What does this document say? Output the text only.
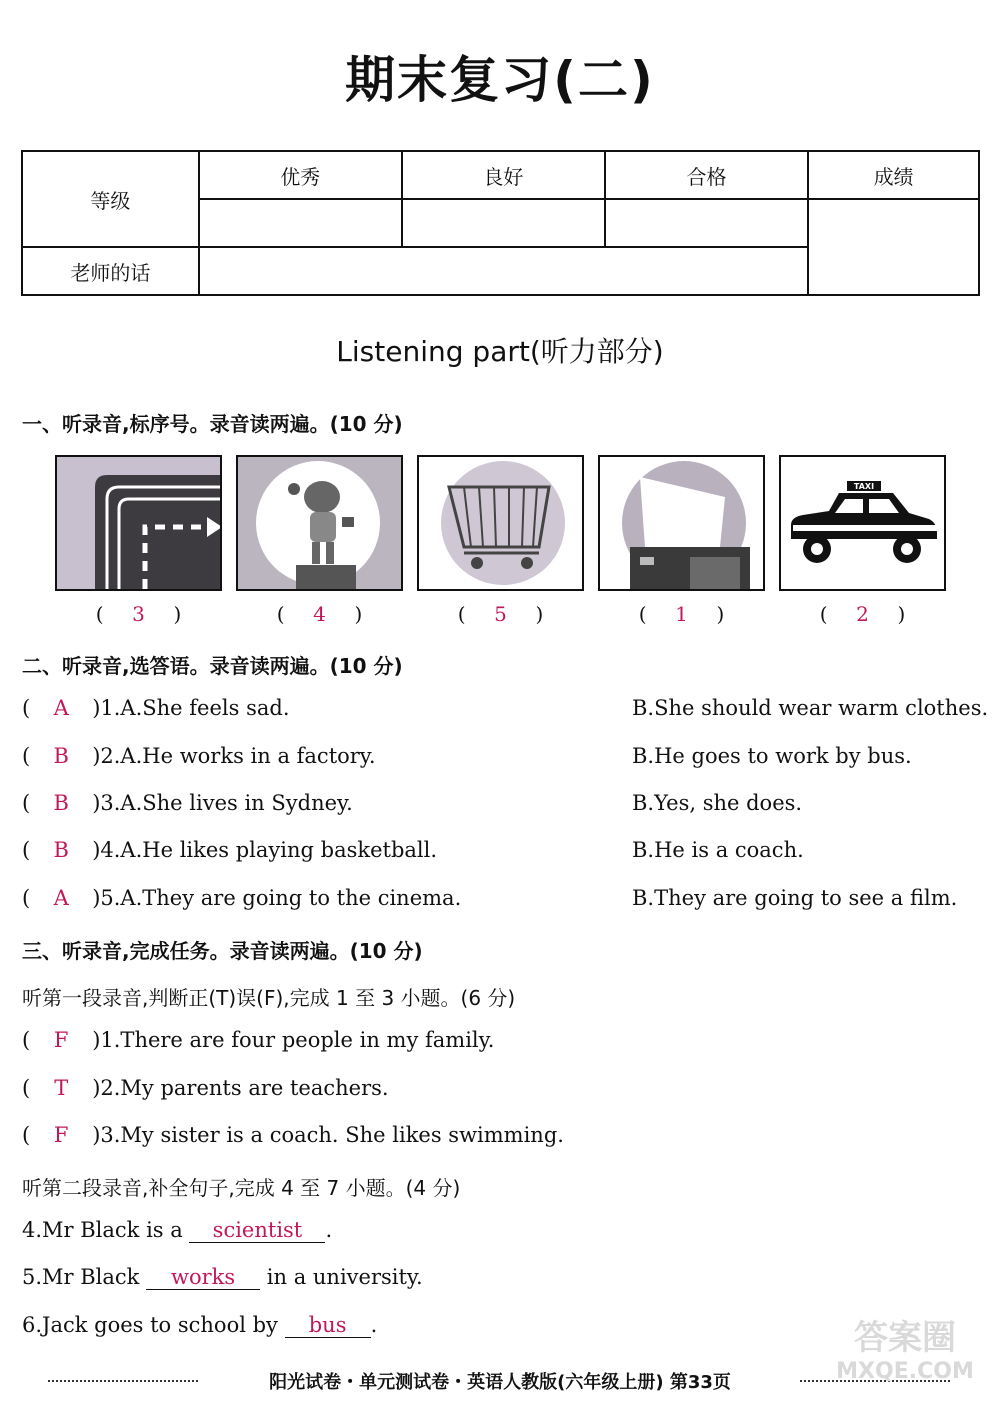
期末复习(二)
等级	优秀	良好	合格	成绩

老师的话				
Listening part(听力部分)
一、听录音,标序号。录音读两遍。(10 分)
TAXI
( 3 )	( 4 )	( 5 )	( 1 )	( 2 )
二、听录音,选答语。录音读两遍。(10 分)
( A )1.A.She feels sad.	B.She should wear warm clothes.
( B )2.A.He works in a factory.	B.He goes to work by bus.
( B )3.A.She lives in Sydney.	B.Yes, she does.
( B )4.A.He likes playing basketball.	B.He is a coach.
( A )5.A.They are going to the cinema.	B.They are going to see a film.
三、听录音,完成任务。录音读两遍。(10 分)
听第一段录音,判断正(T)误(F),完成 1 至 3 小题。(6 分)
( F )1.There are four people in my family.
( T )2.My parents are teachers.
( F )3.My sister is a coach. She likes swimming.
听第二段录音,补全句子,完成 4 至 7 小题。(4 分)
4.Mr Black is a scientist .
5.Mr Black works in a university.
6.Jack goes to school by bus .
阳光试卷・单元测试卷・英语人教版(六年级上册) 第33页
答案圈
MXQE.COM
